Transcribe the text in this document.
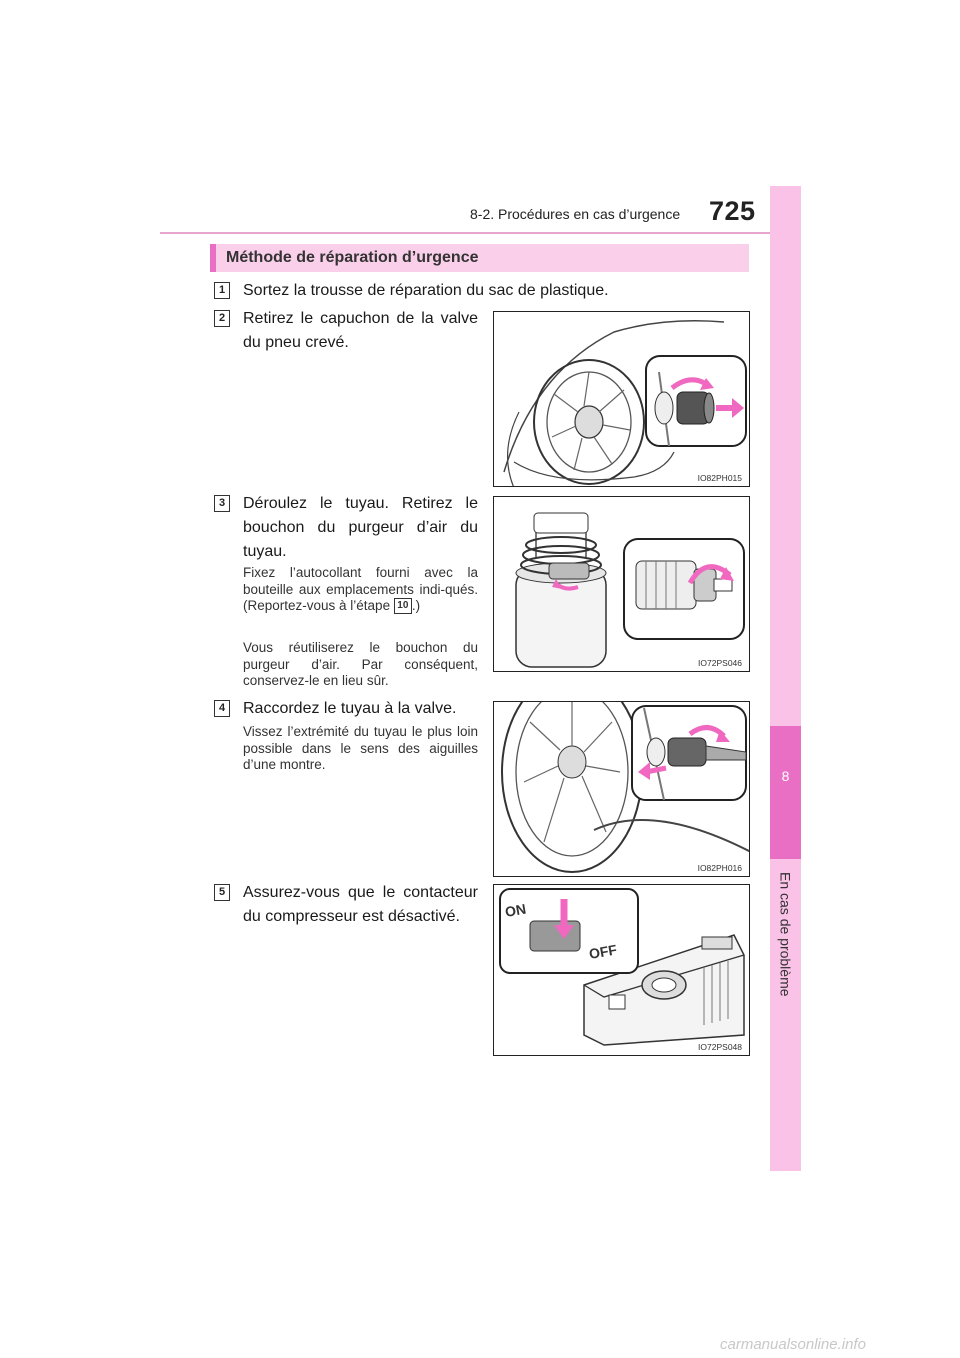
8-2. Procédures en cas d’urgence 725
8
En cas de problème
Méthode de réparation d’urgence
1	Sortez la trousse de réparation du sac de plastique.
2	Retirez le capuchon de la valve du pneu crevé.
IO82PH015
3	Déroulez le tuyau. Retirez le bouchon du purgeur d’air du tuyau.
Fixez l’autocollant fourni avec la bouteille aux emplacements indi-qués. (Reportez-vous à l’étape 10 .)
Vous réutiliserez le bouchon du purgeur d’air. Par conséquent, conservez-le en lieu sûr.
IO72PS046
4	Raccordez le tuyau à la valve.
Vissez l’extrémité du tuyau le plus loin possible dans le sens des aiguilles d’une montre.
IO82PH016
5	Assurez-vous que le contacteur du compresseur est désactivé.	ON
OFF
IO72PS048
carmanualsonline.info
